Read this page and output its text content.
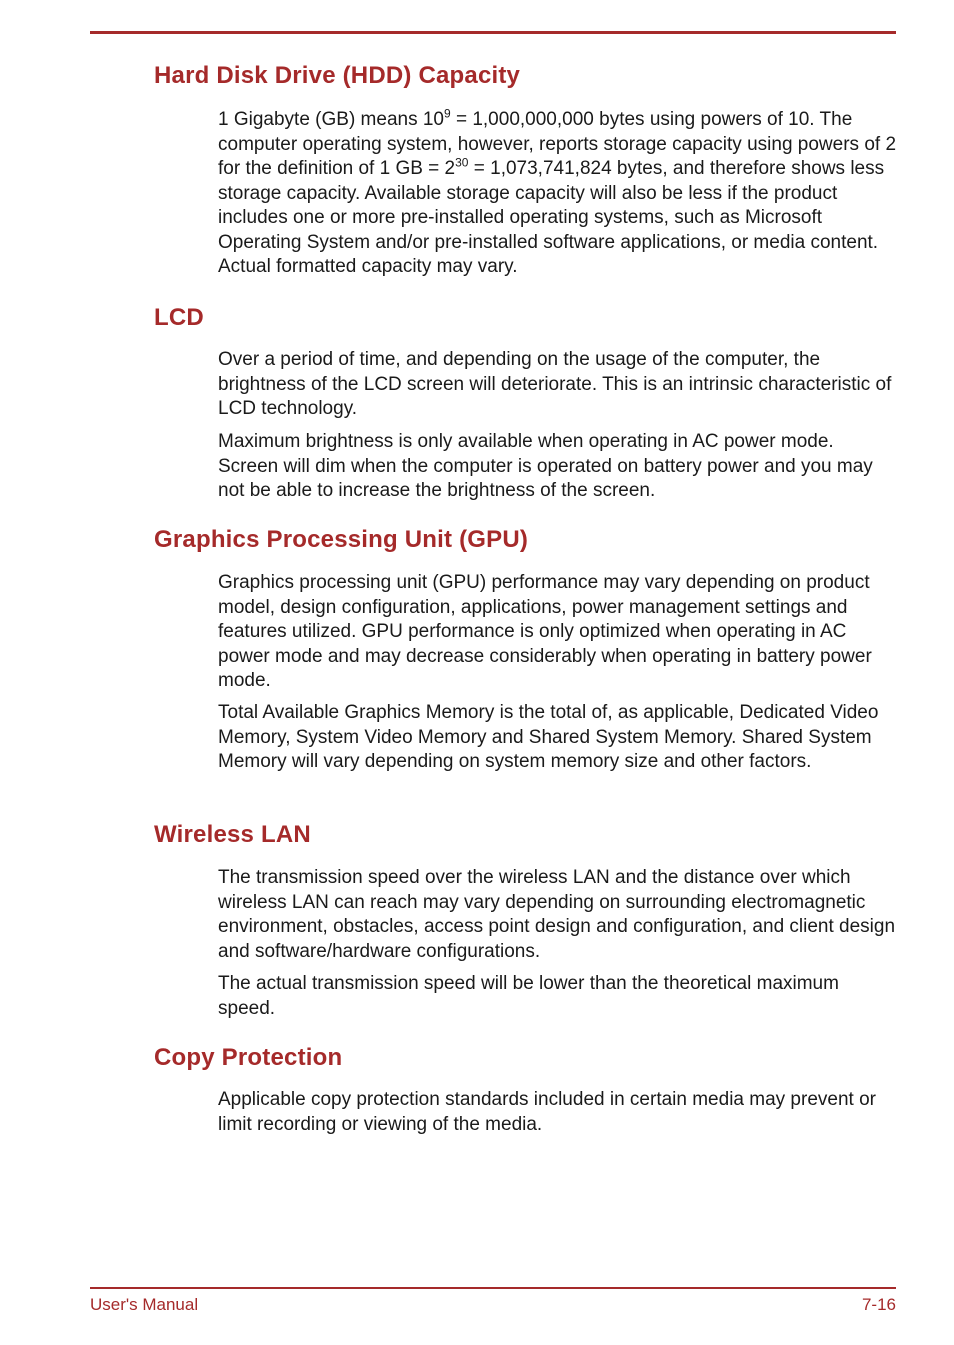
Hard Disk Drive (HDD) Capacity

1 Gigabyte (GB) means $10^9 = 1,000,000,000$ bytes using powers of 10. The computer operating system, however, reports storage capacity using powers of 2 for the definition of 1 GB = $2^{30} = 1,073,741,824$ bytes, and therefore shows less storage capacity. Available storage capacity will also be less if the product includes one or more pre-installed operating systems, such as Microsoft Operating System and/or pre-installed software applications, or media content. Actual formatted capacity may vary.

LCD

Over a period of time, and depending on the usage of the computer, the brightness of the LCD screen will deteriorate. This is an intrinsic characteristic of LCD technology.

Maximum brightness is only available when operating in AC power mode. Screen will dim when the computer is operated on battery power and you may not be able to increase the brightness of the screen.

Graphics Processing Unit (GPU)

Graphics processing unit (GPU) performance may vary depending on product model, design configuration, applications, power management settings and features utilized. GPU performance is only optimized when operating in AC power mode and may decrease considerably when operating in battery power mode.

Total Available Graphics Memory is the total of, as applicable, Dedicated Video Memory, System Video Memory and Shared System Memory. Shared System Memory will vary depending on system memory size and other factors.

Wireless LAN

The transmission speed over the wireless LAN and the distance over which wireless LAN can reach may vary depending on surrounding electromagnetic environment, obstacles, access point design and configuration, and client design and software/hardware configurations.

The actual transmission speed will be lower than the theoretical maximum speed.

Copy Protection

Applicable copy protection standards included in certain media may prevent or limit recording or viewing of the media.

User's Manual	7-16
